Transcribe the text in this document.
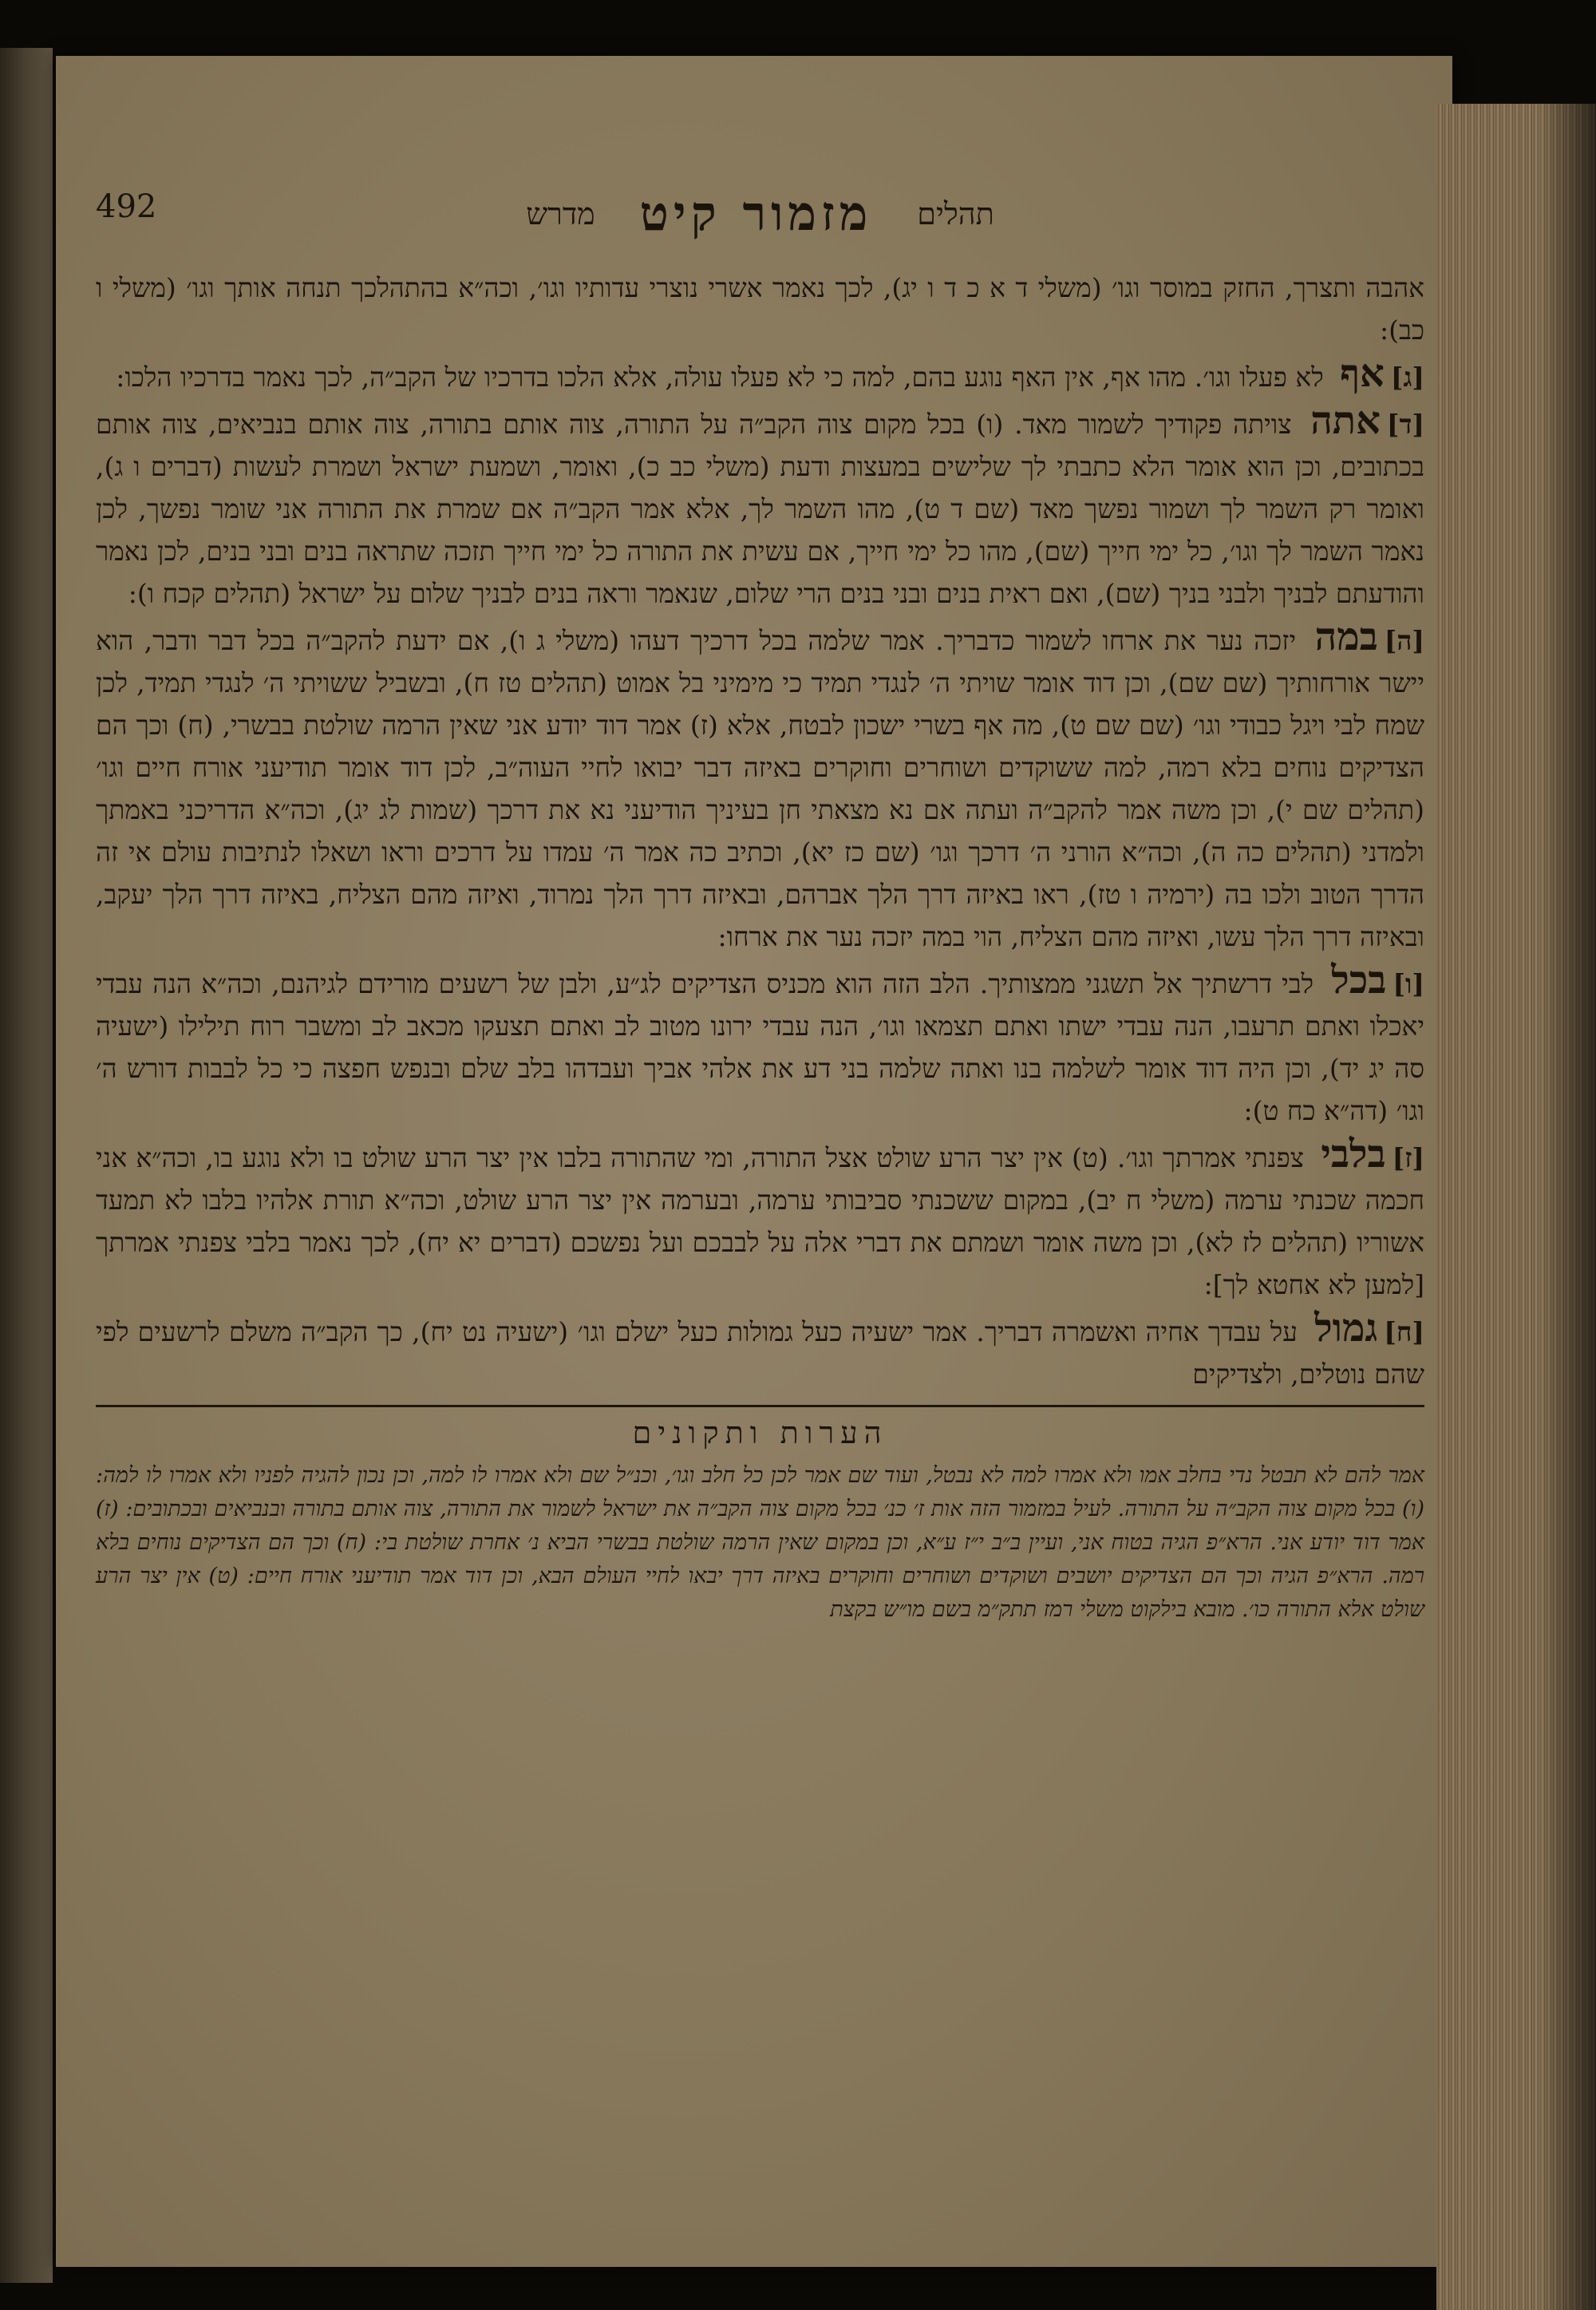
תהלים
מזמור קיט
מדרש
492

אהבה ותצרך, החזק במוסר וגו׳ (משלי ד א כ ד ו יג), לכך נאמר אשרי נוצרי עדותיו וגו׳, וכה״א בהתהלכך תנחה אותך וגו׳ (משלי ו כב):

[ג]אף לא פעלו וגו׳. מהו אף, אין האף נוגע בהם, למה כי לא פעלו עולה, אלא הלכו בדרכיו של הקב״ה, לכך נאמר בדרכיו הלכו:

[ד]אתה צויתה פקודיך לשמור מאד. (ו) בכל מקום צוה הקב״ה על התורה, צוה אותם בתורה, צוה אותם בנביאים, צוה אותם בכתובים, וכן הוא אומר הלא כתבתי לך שלישים במעצות ודעת (משלי כב כ), ואומר, ושמעת ישראל ושמרת לעשות (דברים ו ג), ואומר רק השמר לך ושמור נפשך מאד (שם ד ט), מהו השמר לך, אלא אמר הקב״ה אם שמרת את התורה אני שומר נפשך, לכן נאמר השמר לך וגו׳, כל ימי חייך (שם), מהו כל ימי חייך, אם עשית את התורה כל ימי חייך תזכה שתראה בנים ובני בנים, לכן נאמר והודעתם לבניך ולבני בניך (שם), ואם ראית בנים ובני בנים הרי שלום, שנאמר וראה בנים לבניך שלום על ישראל (תהלים קכח ו):

[ה]במה יזכה נער את ארחו לשמור כדבריך. אמר שלמה בכל דרכיך דעהו (משלי ג ו), אם ידעת להקב״ה בכל דבר ודבר, הוא יישר אורחותיך (שם שם), וכן דוד אומר שויתי ה׳ לנגדי תמיד כי מימיני בל אמוט (תהלים טז ח), ובשביל ששויתי ה׳ לנגדי תמיד, לכן שמח לבי ויגל כבודי וגו׳ (שם שם ט), מה אף בשרי ישכון לבטח, אלא (ז) אמר דוד יודע אני שאין הרמה שולטת בבשרי, (ח) וכך הם הצדיקים נוחים בלא רמה, למה ששוקדים ושוחרים וחוקרים באיזה דבר יבואו לחיי העוה״ב, לכן דוד אומר תודיעני אורח חיים וגו׳ (תהלים שם י), וכן משה אמר להקב״ה ועתה אם נא מצאתי חן בעיניך הודיעני נא את דרכך (שמות לג יג), וכה״א הדריכני באמתך ולמדני (תהלים כה ה), וכה״א הורני ה׳ דרכך וגו׳ (שם כז יא), וכתיב כה אמר ה׳ עמדו על דרכים וראו ושאלו לנתיבות עולם אי זה הדרך הטוב ולכו בה (ירמיה ו טז), ראו באיזה דרך הלך אברהם, ובאיזה דרך הלך נמרוד, ואיזה מהם הצליח, באיזה דרך הלך יעקב, ובאיזה דרך הלך עשו, ואיזה מהם הצליח, הוי במה יזכה נער את ארחו:

[ו]בכל לבי דרשתיך אל תשגני ממצותיך. הלב הזה הוא מכניס הצדיקים לג״ע, ולבן של רשעים מורידם לגיהנם, וכה״א הנה עבדי יאכלו ואתם תרעבו, הנה עבדי ישתו ואתם תצמאו וגו׳, הנה עבדי ירונו מטוב לב ואתם תצעקו מכאב לב ומשבר רוח תילילו (ישעיה סה יג יד), וכן היה דוד אומר לשלמה בנו ואתה שלמה בני דע את אלהי אביך ועבדהו בלב שלם ובנפש חפצה כי כל לבבות דורש ה׳ וגו׳ (דה״א כח ט):

[ז]בלבי צפנתי אמרתך וגו׳. (ט) אין יצר הרע שולט אצל התורה, ומי שהתורה בלבו אין יצר הרע שולט בו ולא נוגע בו, וכה״א אני חכמה שכנתי ערמה (משלי ח יב), במקום ששכנתי סביבותי ערמה, ובערמה אין יצר הרע שולט, וכה״א תורת אלהיו בלבו לא תמעד אשוריו (תהלים לז לא), וכן משה אומר ושמתם את דברי אלה על לבבכם ועל נפשכם (דברים יא יח), לכך נאמר בלבי צפנתי אמרתך [למען לא אחטא לך]:

[ח]גמול על עבדך אחיה ואשמרה דבריך. אמר ישעיה כעל גמולות כעל ישלם וגו׳ (ישעיה נט יח), כך הקב״ה משלם לרשעים לפי שהם נוטלים, ולצדיקים

הערות ותקונים
אמר להם לא תבטל נדי בחלב אמו ולא אמרו למה לא נבטל, ועוד שם אמר לכן כל חלב וגו׳, וכנ״ל שם ולא אמרו לו למה, וכן נכון להגיה לפניו ולא אמרו לו למה: (ו) בכל מקום צוה הקב״ה על התורה. לעיל במזמור הזה אות ז׳ כנ׳ בכל מקום צוה הקב״ה את ישראל לשמור את התורה, צוה אותם בתורה ובנביאים ובכתובים: (ז) אמר דוד יודע אני. הרא״פ הגיה בטוח אני, ועיין ב״ב י״ז ע״א, וכן במקום שאין הרמה שולטת בבשרי הביא נ׳ אחרת שולטת בי: (ח) וכך הם הצדיקים נוחים בלא רמה. הרא״פ הגיה וכך הם הצדיקים יושבים ושוקדים ושוחרים וחוקרים באיזה דרך יבאו לחיי העולם הבא, וכן דוד אמר תודיעני אורח חיים: (ט) אין יצר הרע שולט אלא התורה כו׳. מובא בילקוט משלי רמז תתק״מ בשם מו״ש בקצת
